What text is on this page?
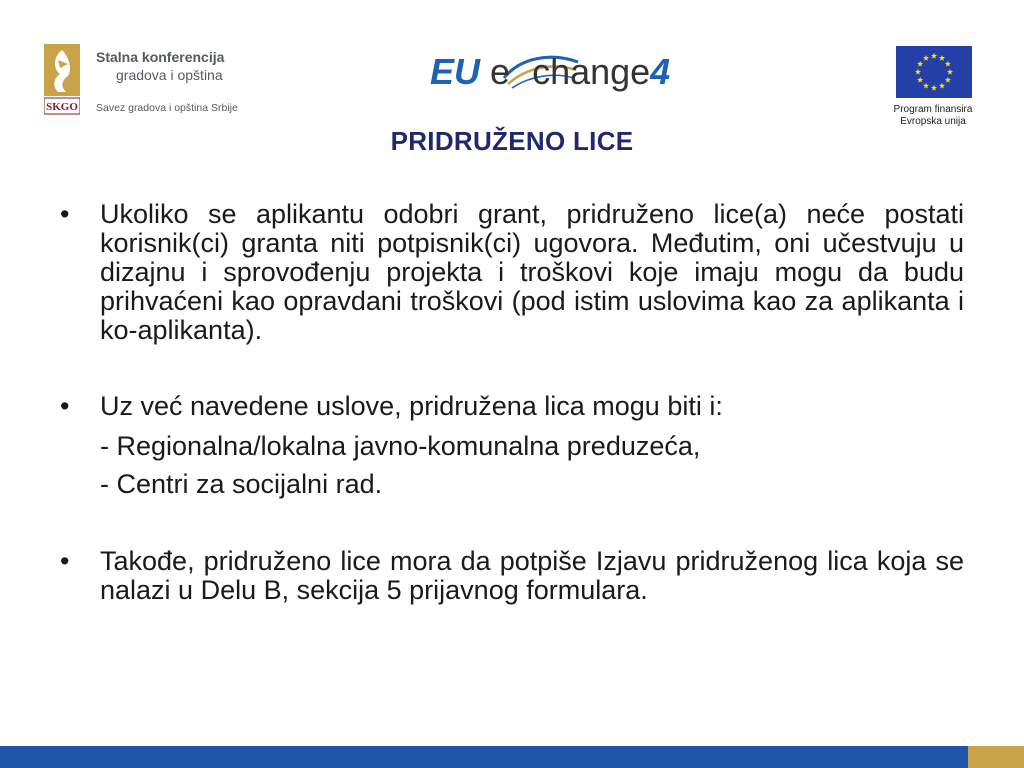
SKGO
Stalna konferencija
gradova i opština
Savez gradova i opština Srbije
EU e change4
Program finansira
Evropska unija
PRIDRUŽENO LICE
• Ukoliko se aplikantu odobri grant, pridruženo lice(a) neće postati korisnik(ci) granta niti potpisnik(ci) ugovora. Međutim, oni učestvuju u dizajnu i sprovođenju projekta i troškovi koje imaju mogu da budu prihvaćeni kao opravdani troškovi (pod istim uslovima kao za aplikanta i ko-aplikanta).
• Uz već navedene uslove, pridružena lica mogu biti i:
- Regionalna/lokalna javno-komunalna preduzeća,
- Centri za socijalni rad.
• Takođe, pridruženo lice mora da potpiše Izjavu pridruženog lica koja se nalazi u Delu B, sekcija 5 prijavnog formulara.
